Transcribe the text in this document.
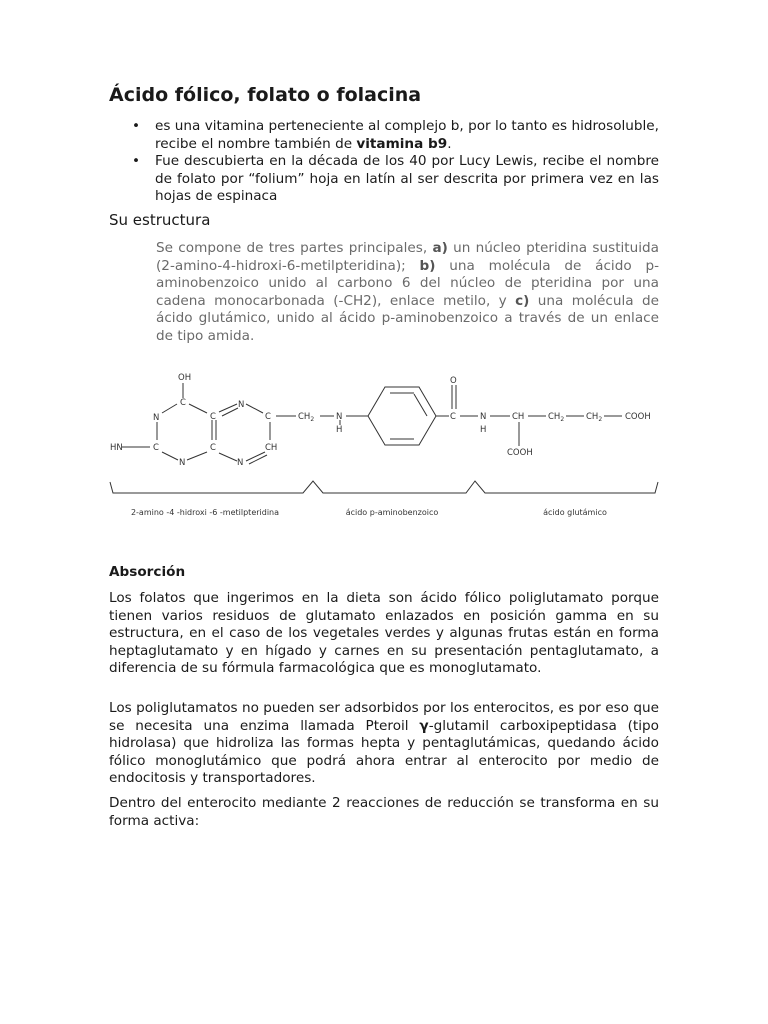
Ácido fólico, folato o folacina
• es una vitamina perteneciente al complejo b, por lo tanto es hidrosoluble, recibe el nombre también de vitamina b9.
• Fue descubierta en la década de los 40 por Lucy Lewis, recibe el nombre de folato por “folium” hoja en latín al ser descrita por primera vez en las hojas de espinaca
Su estructura

Se compone de tres partes principales, a) un núcleo pteridina sustituida (2-amino-4-hidroxi-6-metilpteridina); b) una molécula de ácido p-aminobenzoico unido al carbono 6 del núcleo de pteridina por una cadena monocarbonada (-CH2), enlace metilo, y c) una molécula de ácido glutámico, unido al ácido p-aminobenzoico a través de un enlace de tipo amida.

OH
C
N	C
N
C
HN	C	C	CH
N	N
$CH_2$	N
H
O
C	N
H
CH	$CH_2$	$CH_2$	COOH
COOH
2-amino -4 -hidroxi -6 -metilpteridina	ácido p-aminobenzoico	ácido glutámico
Absorción

Los folatos que ingerimos en la dieta son ácido fólico poliglutamato porque tienen varios residuos de glutamato enlazados en posición gamma en su estructura, en el caso de los vegetales verdes y algunas frutas están en forma heptaglutamato y en hígado y carnes en su presentación pentaglutamato, a diferencia de su fórmula farmacológica que es monoglutamato.

Los poliglutamatos no pueden ser adsorbidos por los enterocitos, es por eso que se necesita una enzima llamada Pteroil γ-glutamil carboxipeptidasa (tipo hidrolasa) que hidroliza las formas hepta y pentaglutámicas, quedando ácido fólico monoglutámico que podrá ahora entrar al enterocito por medio de endocitosis y transportadores.

Dentro del enterocito mediante 2 reacciones de reducción se transforma en su forma activa:
